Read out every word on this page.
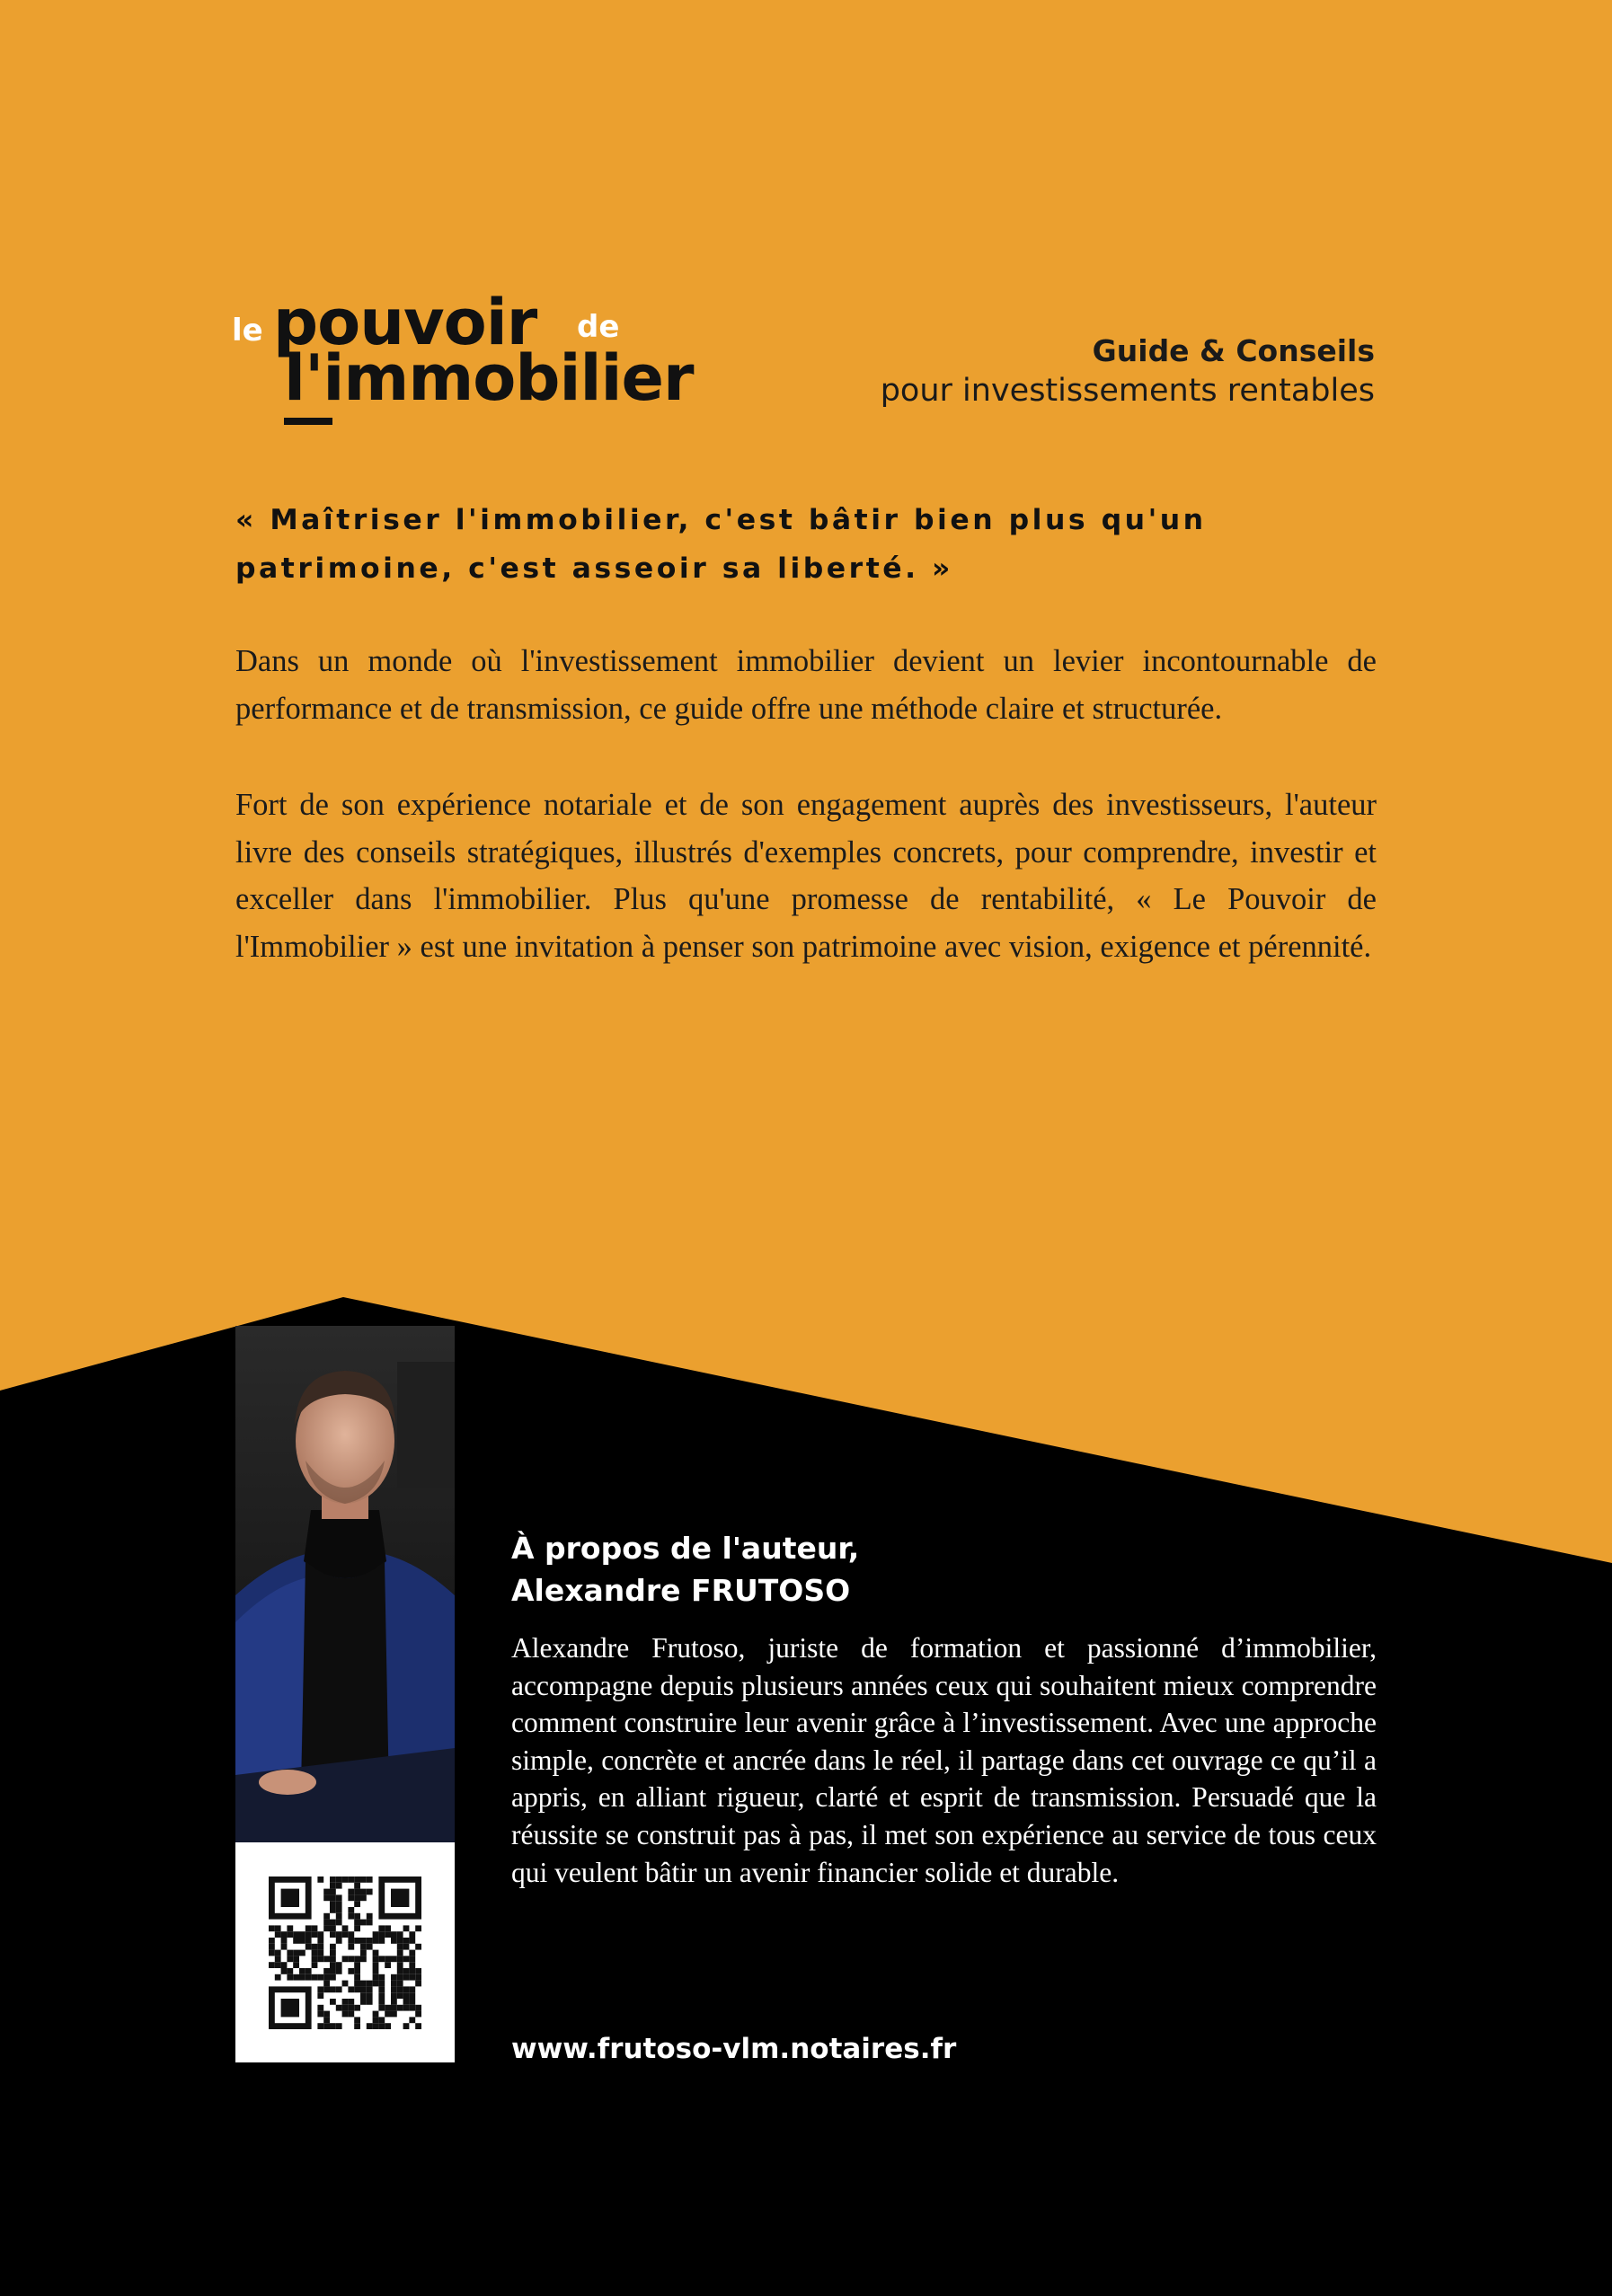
le pouvoir de
l'immobilier	Guide & Conseils
pour investissements rentables

« Maîtriser l'immobilier, c'est bâtir bien plus qu'un patrimoine, c'est asseoir sa liberté. »

Dans un monde où l'investissement immobilier devient un levier incontournable de performance et de transmission, ce guide offre une méthode claire et structurée.

Fort de son expérience notariale et de son engagement auprès des investisseurs, l'auteur livre des conseils stratégiques, illustrés d'exemples concrets, pour comprendre, investir et exceller dans l'immobilier. Plus qu'une promesse de rentabilité, « Le Pouvoir de l'Immobilier » est une invitation à penser son patrimoine avec vision, exigence et pérennité.

À propos de l'auteur,
Alexandre FRUTOSO

Alexandre Frutoso, juriste de formation et passionné d’immobilier, accompagne depuis plusieurs années ceux qui souhaitent mieux comprendre comment construire leur avenir grâce à l’investissement. Avec une approche simple, concrète et ancrée dans le réel, il partage dans cet ouvrage ce qu’il a appris, en alliant rigueur, clarté et esprit de transmission. Persuadé que la réussite se construit pas à pas, il met son expérience au service de tous ceux qui veulent bâtir un avenir financier solide et durable.

www.frutoso-vlm.notaires.fr
